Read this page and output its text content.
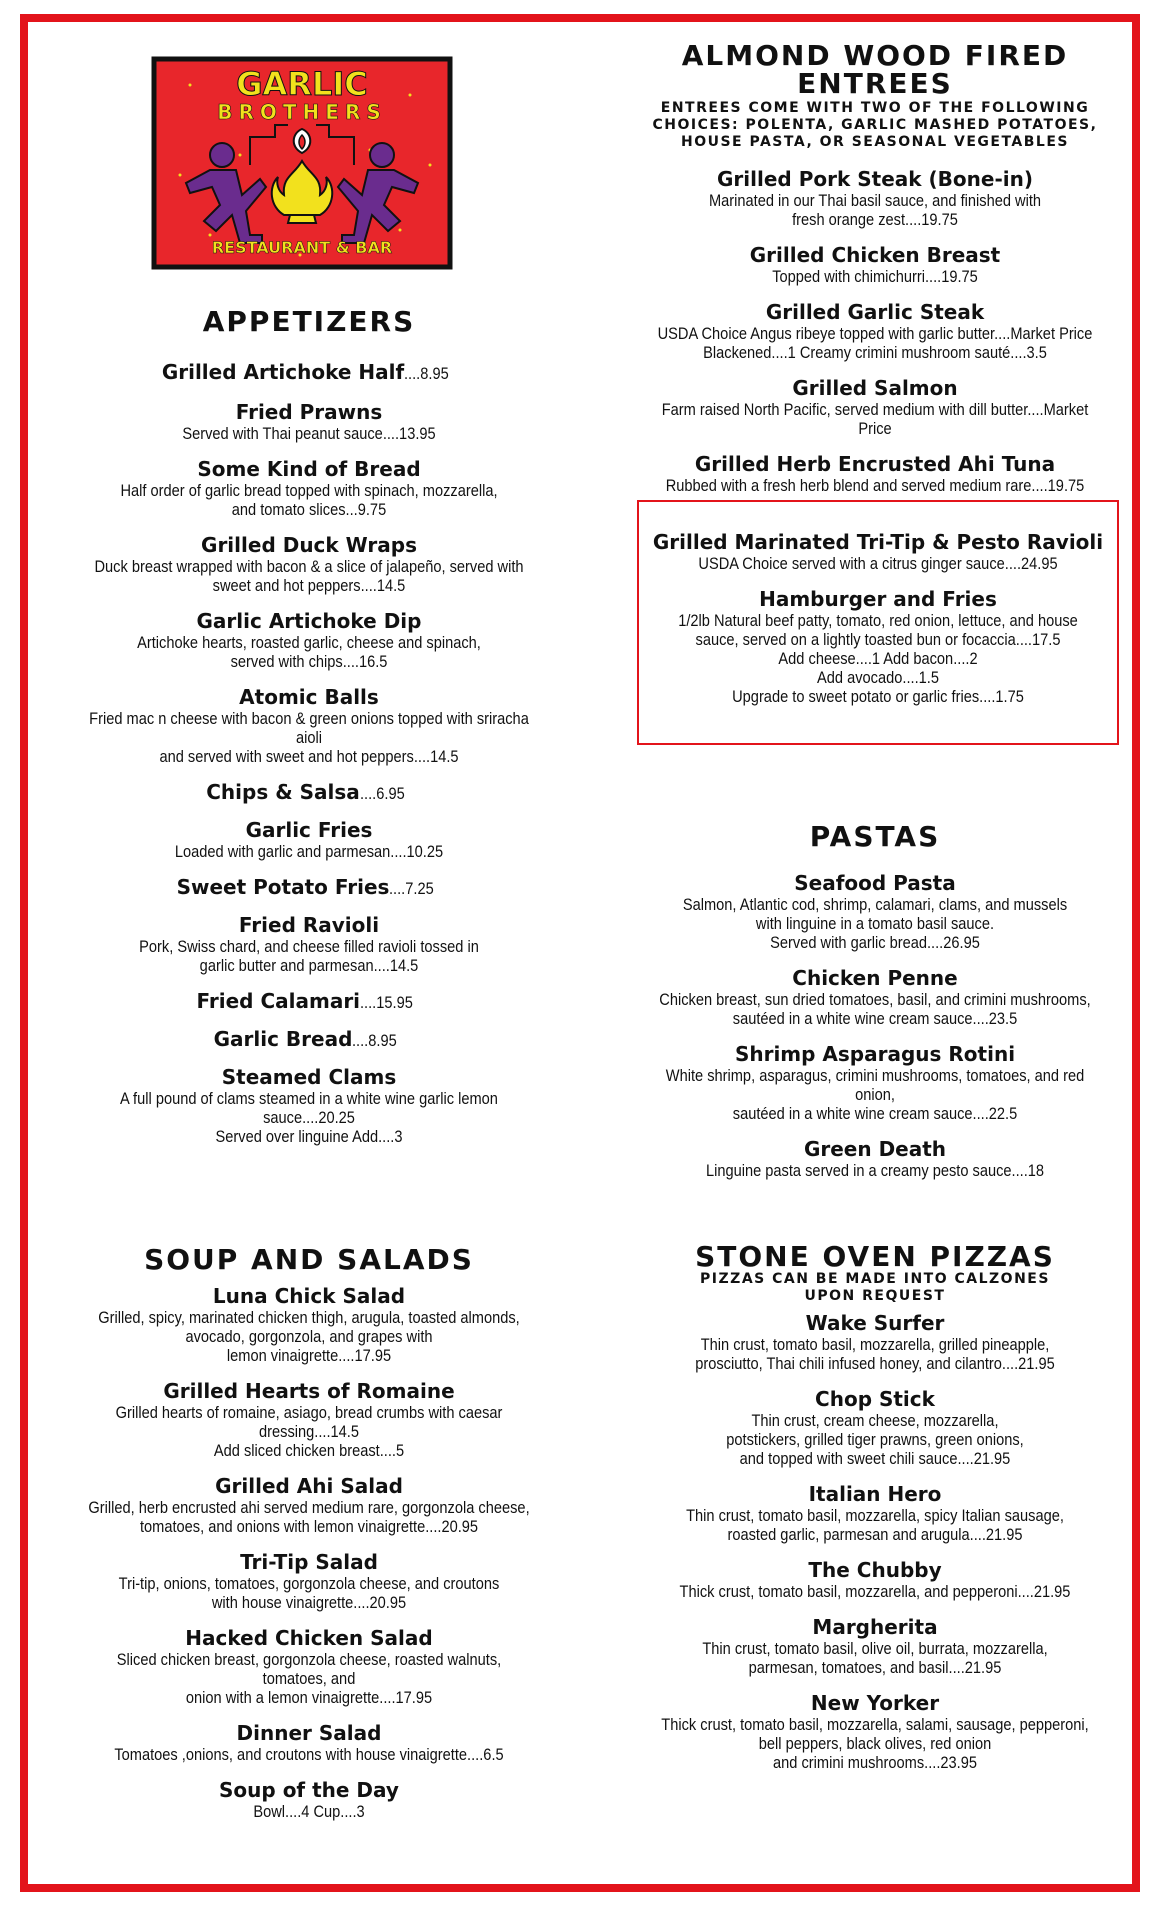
GARLIC
BROTHERS
RESTAURANT & BAR
APPETIZERS
Grilled Artichoke Half....8.95
Fried Prawns
Served with Thai peanut sauce....13.95
Some Kind of Bread
Half order of garlic bread topped with spinach, mozzarella,
and tomato slices...9.75
Grilled Duck Wraps
Duck breast wrapped with bacon & a slice of jalapeño, served with
sweet and hot peppers....14.5
Garlic Artichoke Dip
Artichoke hearts, roasted garlic, cheese and spinach,
served with chips....16.5
Atomic Balls
Fried mac n cheese with bacon & green onions topped with sriracha aioli
and served with sweet and hot peppers....14.5
Chips & Salsa....6.95
Garlic Fries
Loaded with garlic and parmesan....10.25
Sweet Potato Fries....7.25
Fried Ravioli
Pork, Swiss chard, and cheese filled ravioli tossed in
garlic butter and parmesan....14.5
Fried Calamari....15.95
Garlic Bread....8.95
Steamed Clams
A full pound of clams steamed in a white wine garlic lemon sauce....20.25
Served over linguine Add....3
SOUP AND SALADS
Luna Chick Salad
Grilled, spicy, marinated chicken thigh, arugula, toasted almonds,
avocado, gorgonzola, and grapes with
lemon vinaigrette....17.95
Grilled Hearts of Romaine
Grilled hearts of romaine, asiago, bread crumbs with caesar dressing....14.5
Add sliced chicken breast....5
Grilled Ahi Salad
Grilled, herb encrusted ahi served medium rare, gorgonzola cheese,
tomatoes, and onions with lemon vinaigrette....20.95
Tri-Tip Salad
Tri-tip, onions, tomatoes, gorgonzola cheese, and croutons
with house vinaigrette....20.95
Hacked Chicken Salad
Sliced chicken breast, gorgonzola cheese, roasted walnuts, tomatoes, and
onion with a lemon vinaigrette....17.95
Dinner Salad
Tomatoes ,onions, and croutons with house vinaigrette....6.5
Soup of the Day
Bowl....4 Cup....3
ALMOND WOOD FIRED
ENTREES

ENTREES COME WITH TWO OF THE FOLLOWING
CHOICES: POLENTA, GARLIC MASHED POTATOES,
HOUSE PASTA, OR SEASONAL VEGETABLES

Grilled Pork Steak (Bone-in)
Marinated in our Thai basil sauce, and finished with
fresh orange zest....19.75
Grilled Chicken Breast
Topped with chimichurri....19.75
Grilled Garlic Steak
USDA Choice Angus ribeye topped with garlic butter....Market Price
Blackened....1 Creamy crimini mushroom sauté....3.5
Grilled Salmon
Farm raised North Pacific, served medium with dill butter....Market Price
Grilled Herb Encrusted Ahi Tuna
Rubbed with a fresh herb blend and served medium rare....19.75
Grilled Marinated Tri-Tip & Pesto Ravioli
USDA Choice served with a citrus ginger sauce....24.95
Hamburger and Fries
1/2lb Natural beef patty, tomato, red onion, lettuce, and house
sauce, served on a lightly toasted bun or focaccia....17.5
Add cheese....1 Add bacon....2
Add avocado....1.5
Upgrade to sweet potato or garlic fries....1.75
PASTAS
Seafood Pasta
Salmon, Atlantic cod, shrimp, calamari, clams, and mussels
with linguine in a tomato basil sauce.
Served with garlic bread....26.95
Chicken Penne
Chicken breast, sun dried tomatoes, basil, and crimini mushrooms,
sautéed in a white wine cream sauce....23.5
Shrimp Asparagus Rotini
White shrimp, asparagus, crimini mushrooms, tomatoes, and red onion,
sautéed in a white wine cream sauce....22.5
Green Death
Linguine pasta served in a creamy pesto sauce....18
STONE OVEN PIZZAS

PIZZAS CAN BE MADE INTO CALZONES
UPON REQUEST

Wake Surfer
Thin crust, tomato basil, mozzarella, grilled pineapple,
prosciutto, Thai chili infused honey, and cilantro....21.95
Chop Stick
Thin crust, cream cheese, mozzarella,
potstickers, grilled tiger prawns, green onions,
and topped with sweet chili sauce....21.95
Italian Hero
Thin crust, tomato basil, mozzarella, spicy Italian sausage,
roasted garlic, parmesan and arugula....21.95
The Chubby
Thick crust, tomato basil, mozzarella, and pepperoni....21.95
Margherita
Thin crust, tomato basil, olive oil, burrata, mozzarella,
parmesan, tomatoes, and basil....21.95
New Yorker
Thick crust, tomato basil, mozzarella, salami, sausage, pepperoni,
bell peppers, black olives, red onion
and crimini mushrooms....23.95
